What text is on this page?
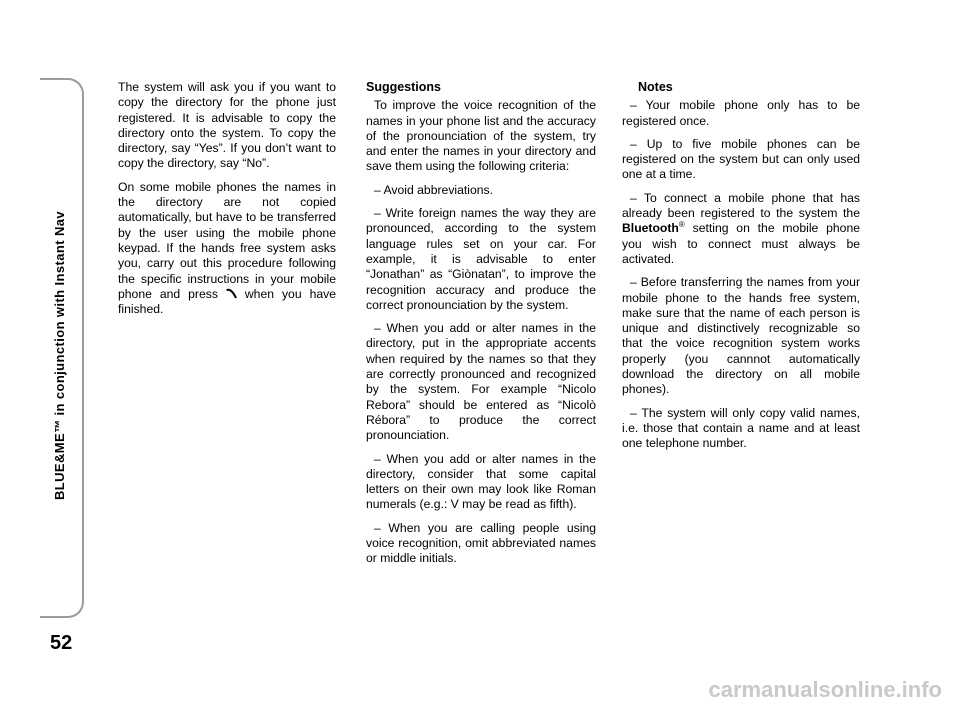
BLUE&ME™ in conjunction with Instant Nav
52

The system will ask you if you want to copy the directory for the phone just registered. It is advisable to copy the directory onto the system. To copy the directory, say “Yes”. If you don’t want to copy the directory, say “No”.

On some mobile phones the names in the directory are not copied automatically, but have to be transferred by the user using the mobile phone keypad. If the hands free system asks you, carry out this procedure following the specific instructions in your mobile phone and press when you have finished.

Suggestions

To improve the voice recognition of the names in your phone list and the accuracy of the pronounciation of the system, try and enter the names in your directory and save them using the following criteria:

– Avoid abbreviations.

– Write foreign names the way they are pronounced, according to the system language rules set on your car. For example, it is advisable to enter “Jonathan” as “Giònatan”, to improve the recognition accuracy and produce the correct pronounciation by the system.

– When you add or alter names in the directory, put in the appropriate accents when required by the names so that they are correctly pronounced and recognized by the system. For example “Nicolo Rebora” should be entered as “Nicolò Rébora” to produce the correct pronounciation.

– When you add or alter names in the directory, consider that some capital letters on their own may look like Roman numerals (e.g.: V may be read as fifth).

– When you are calling people using voice recognition, omit abbreviated names or middle initials.

Notes

– Your mobile phone only has to be registered once.

– Up to five mobile phones can be registered on the system but can only used one at a time.

– To connect a mobile phone that has already been registered to the system the Bluetooth® setting on the mobile phone you wish to connect must always be activated.

– Before transferring the names from your mobile phone to the hands free system, make sure that the name of each person is unique and distinctively recognizable so that the voice recognition system works properly (you cannnot automatically download the directory on all mobile phones).

– The system will only copy valid names, i.e. those that contain a name and at least one telephone number.

carmanualsonline.info
